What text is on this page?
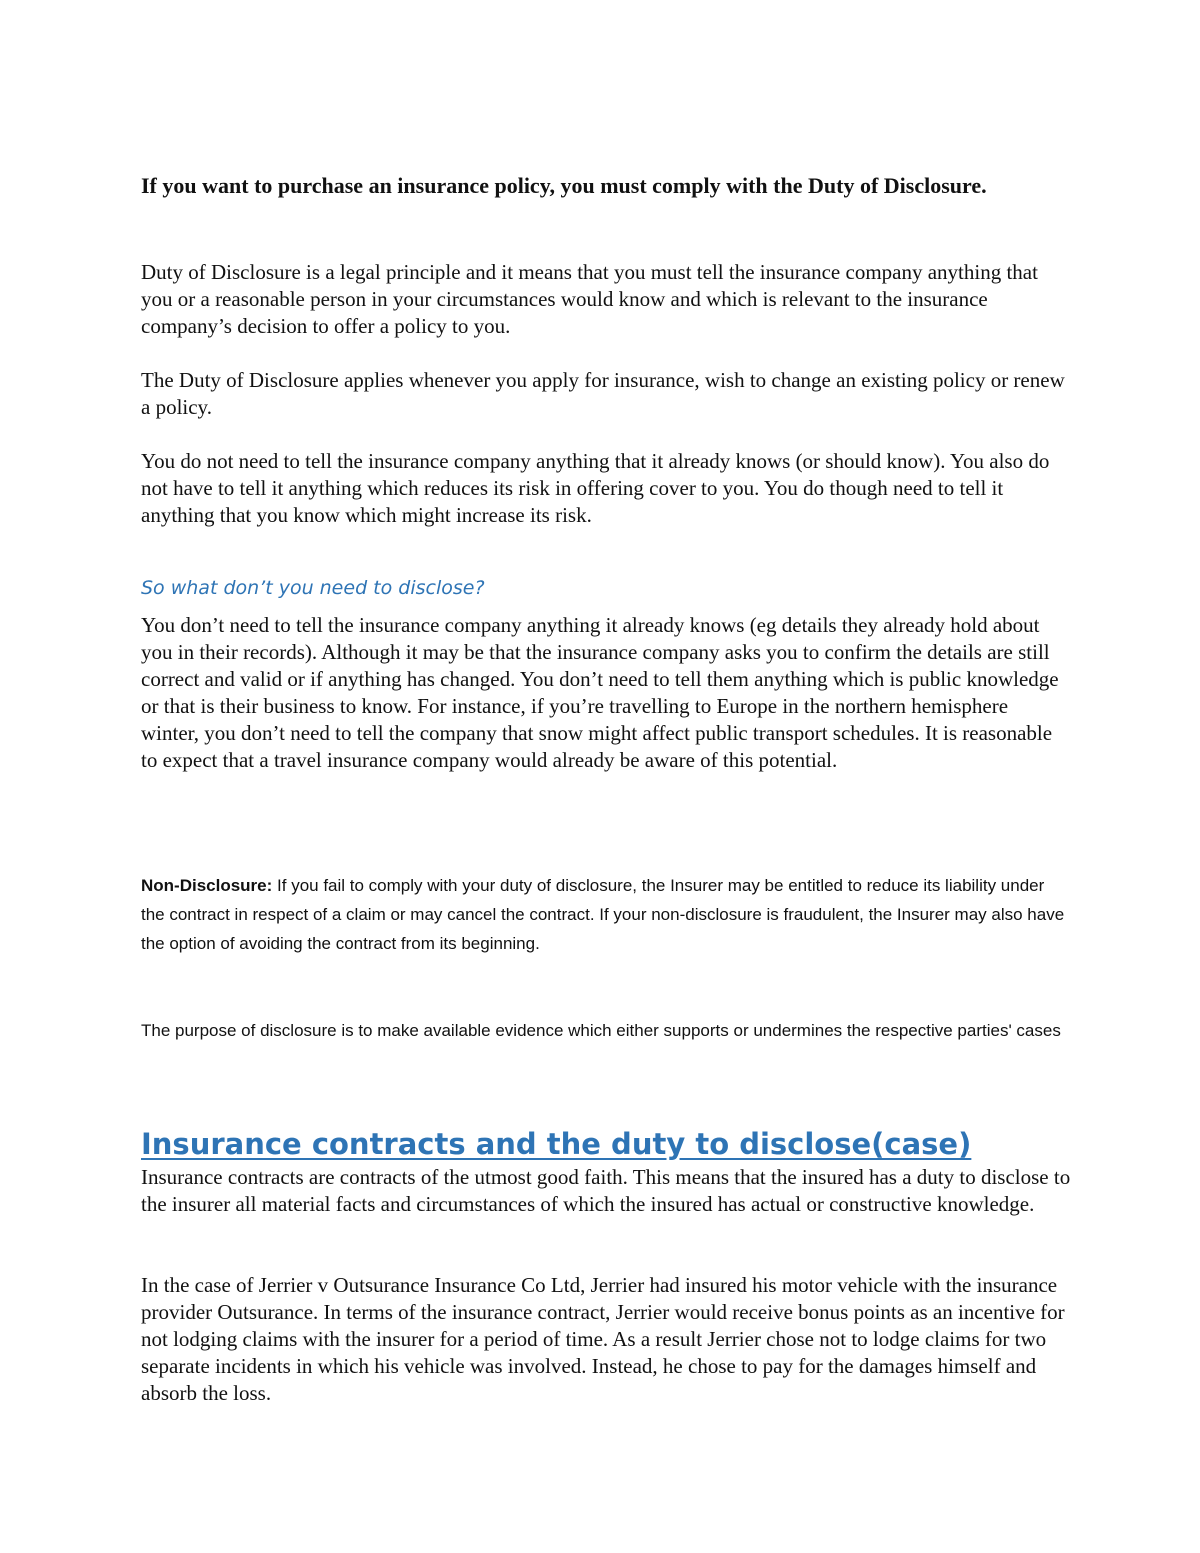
If you want to purchase an insurance policy, you must comply with the Duty of Disclosure.

Duty of Disclosure is a legal principle and it means that you must tell the insurance company anything that you or a reasonable person in your circumstances would know and which is relevant to the insurance company’s decision to offer a policy to you.

The Duty of Disclosure applies whenever you apply for insurance, wish to change an existing policy or renew a policy.

You do not need to tell the insurance company anything that it already knows (or should know). You also do not have to tell it anything which reduces its risk in offering cover to you. You do though need to tell it anything that you know which might increase its risk.

So what don’t you need to disclose?

You don’t need to tell the insurance company anything it already knows (eg details they already hold about you in their records). Although it may be that the insurance company asks you to confirm the details are still correct and valid or if anything has changed. You don’t need to tell them anything which is public knowledge or that is their business to know. For instance, if you’re travelling to Europe in the northern hemisphere winter, you don’t need to tell the company that snow might affect public transport schedules. It is reasonable to expect that a travel insurance company would already be aware of this potential.

Non-Disclosure: If you fail to comply with your duty of disclosure, the Insurer may be entitled to reduce its liability under the contract in respect of a claim or may cancel the contract. If your non-disclosure is fraudulent, the Insurer may also have the option of avoiding the contract from its beginning.

The purpose of disclosure is to make available evidence which either supports or undermines the respective parties' cases

Insurance contracts and the duty to disclose(case)

Insurance contracts are contracts of the utmost good faith. This means that the insured has a duty to disclose to the insurer all material facts and circumstances of which the insured has actual or constructive knowledge.

In the case of Jerrier v Outsurance Insurance Co Ltd, Jerrier had insured his motor vehicle with the insurance provider Outsurance. In terms of the insurance contract, Jerrier would receive bonus points as an incentive for not lodging claims with the insurer for a period of time. As a result Jerrier chose not to lodge claims for two separate incidents in which his vehicle was involved. Instead, he chose to pay for the damages himself and absorb the loss.
